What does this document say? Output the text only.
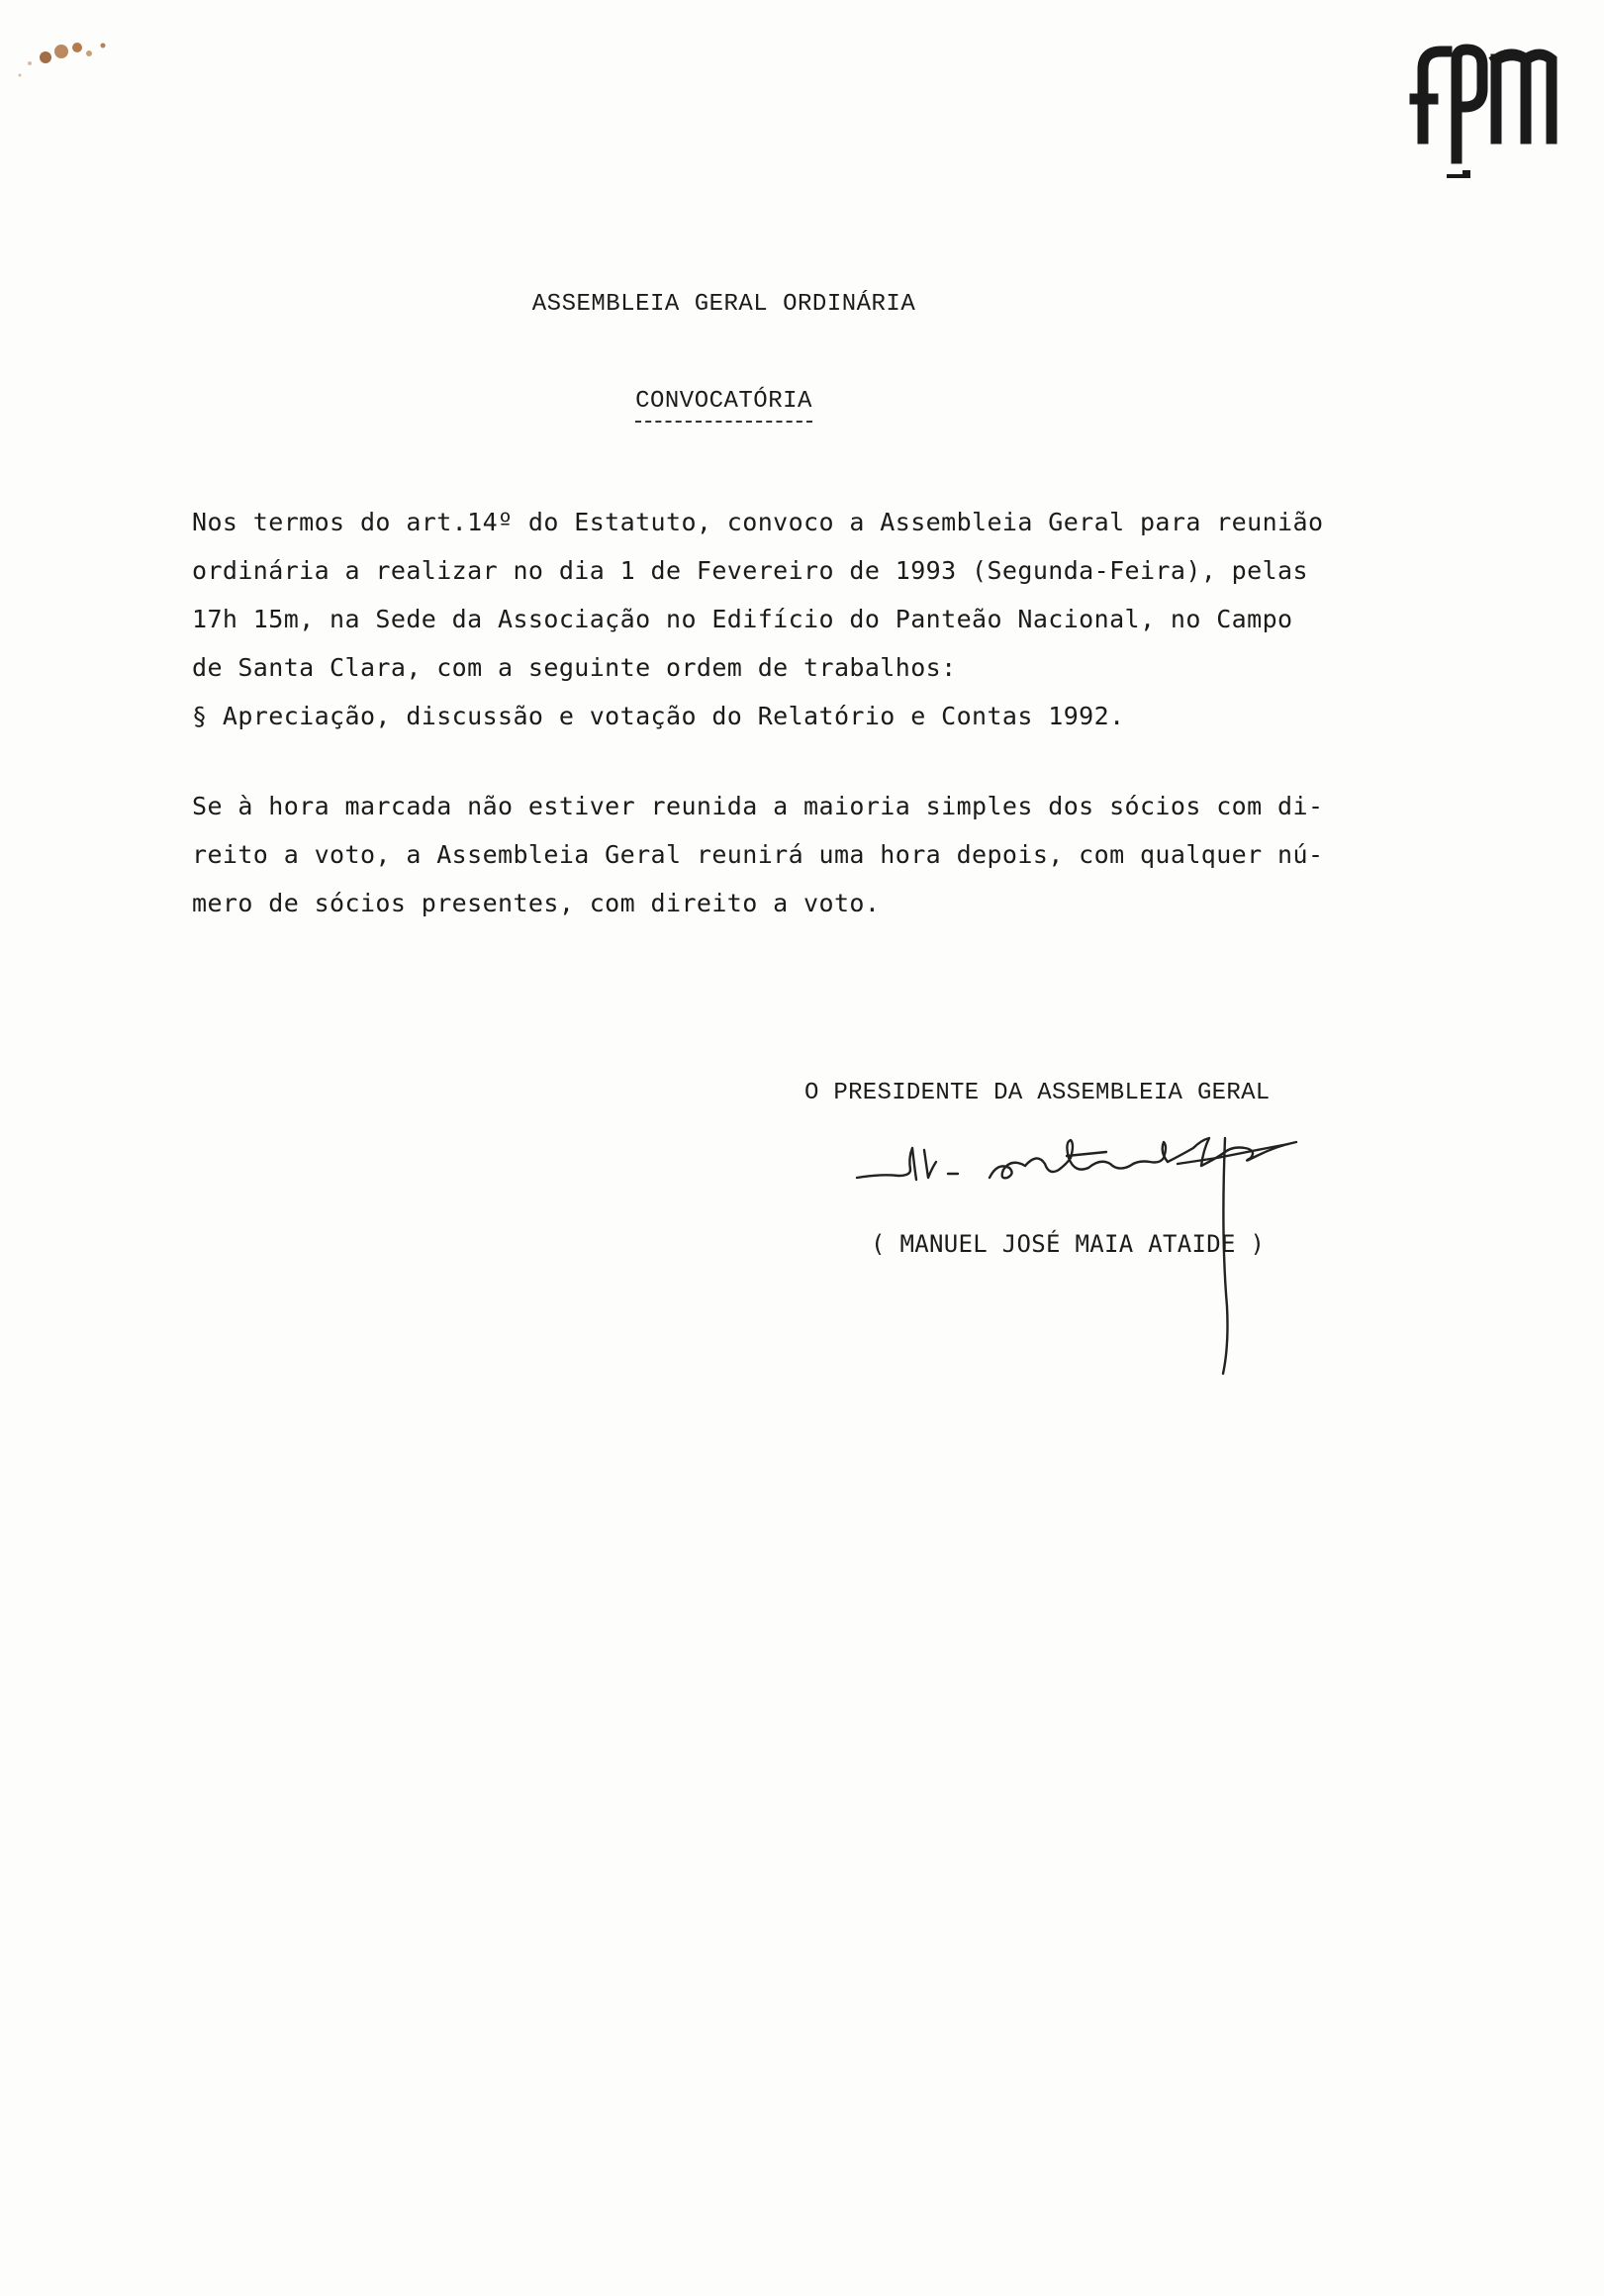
ASSEMBLEIA GERAL ORDINÁRIA
CONVOCATÓRIA
Nos termos do art.14º do Estatuto, convoco a Assembleia Geral para reunião
ordinária a realizar no dia 1 de Fevereiro de 1993 (Segunda-Feira), pelas
17h 15m, na Sede da Associação no Edifício do Panteão Nacional, no Campo
de Santa Clara, com a seguinte ordem de trabalhos:
§ Apreciação, discussão e votação do Relatório e Contas 1992.
Se à hora marcada não estiver reunida a maioria simples dos sócios com di-
reito a voto, a Assembleia Geral reunirá uma hora depois, com qualquer nú-
mero de sócios presentes, com direito a voto.
O PRESIDENTE DA ASSEMBLEIA GERAL
( MANUEL JOSÉ MAIA ATAIDE )
